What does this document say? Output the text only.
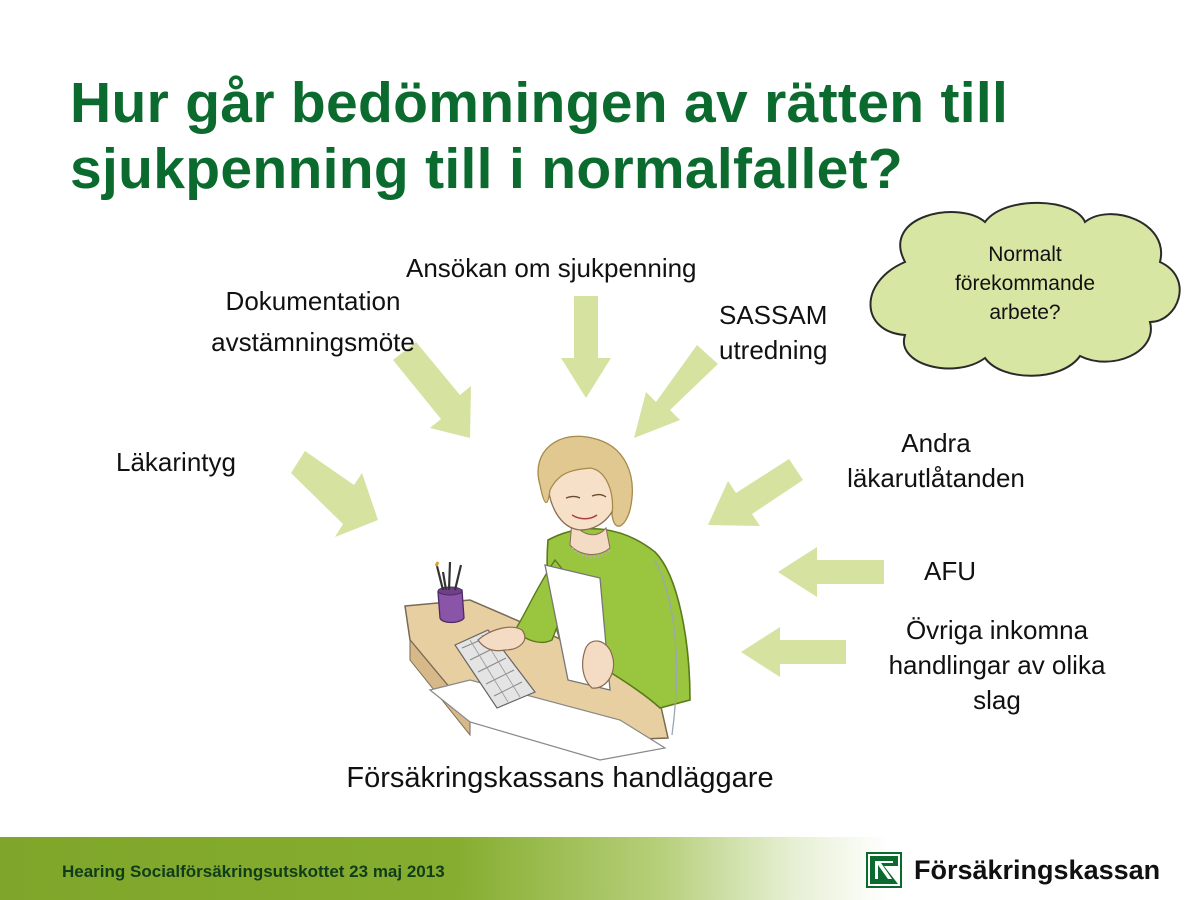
Hur går bedömningen av rätten till sjukpenning till i normalfallet?
Normalt
förekommande
arbete?
Ansökan om sjukpenning
Dokumentation
avstämningsmöte
SASSAM
utredning
Läkarintyg
Andra
läkarutlåtanden
AFU
Övriga inkomna
handlingar av olika
slag
Försäkringskassans handläggare
Hearing Socialförsäkringsutskottet 23 maj 2013	Försäkringskassan
